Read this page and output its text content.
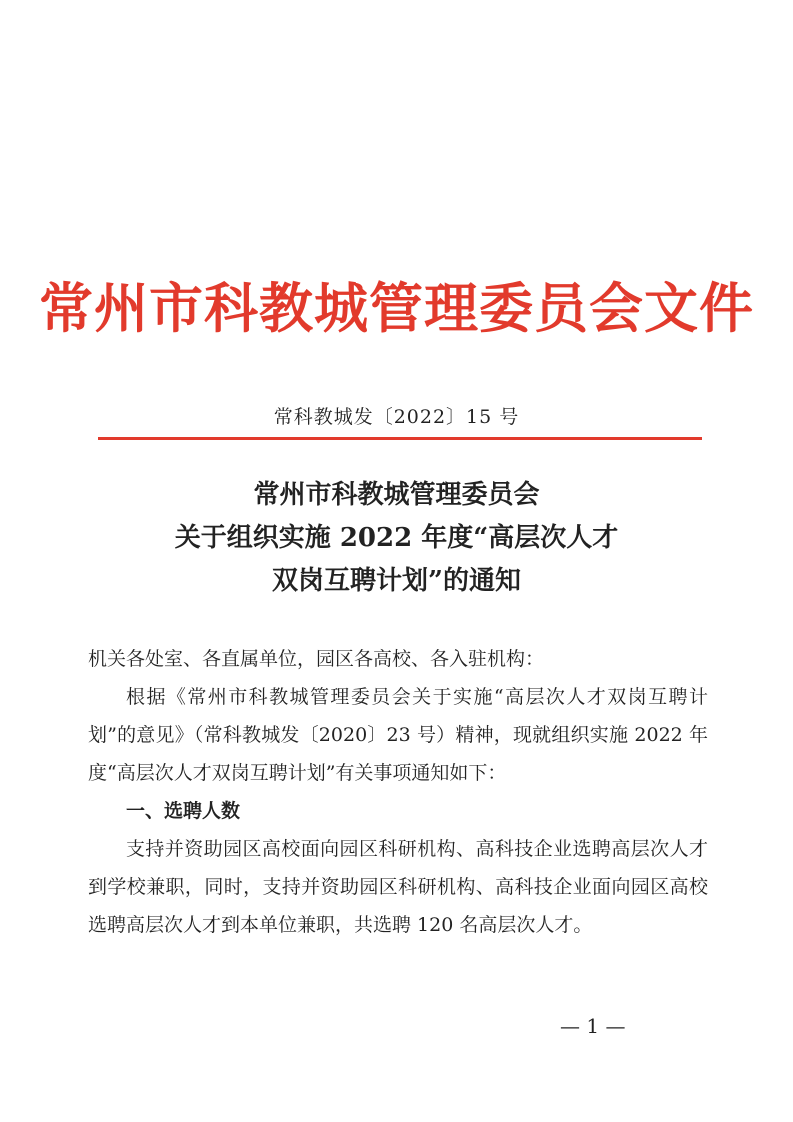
常州市科教城管理委员会文件
常科教城发〔2022〕15 号
常州市科教城管理委员会
关于组织实施 2022 年度“高层次人才
双岗互聘计划”的通知

机关各处室、各直属单位，园区各高校、各入驻机构：

根据《常州市科教城管理委员会关于实施“高层次人才双岗互聘计划”的意见》（常科教城发〔2020〕23 号）精神，现就组织实施 2022 年度“高层次人才双岗互聘计划”有关事项通知如下：

一、选聘人数

支持并资助园区高校面向园区科研机构、高科技企业选聘高层次人才到学校兼职，同时，支持并资助园区科研机构、高科技企业面向园区高校选聘高层次人才到本单位兼职，共选聘 120 名高层次人才。

— 1 —
